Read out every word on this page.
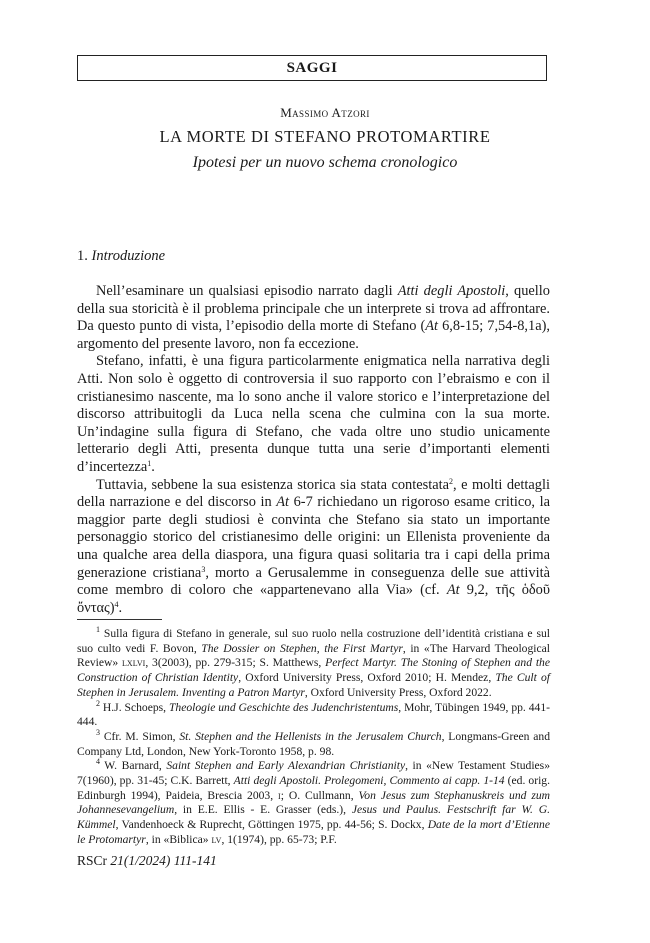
SAGGI
Massimo Atzori
LA MORTE DI STEFANO PROTOMARTIRE
Ipotesi per un nuovo schema cronologico
1. Introduzione

Nell’esaminare un qualsiasi episodio narrato dagli Atti degli Apostoli, quello della sua storicità è il problema principale che un interprete si trova ad affrontare. Da questo punto di vista, l’episodio della morte di Stefano (At 6,8-15; 7,54-8,1a), argomento del presente lavoro, non fa eccezione.

Stefano, infatti, è una figura particolarmente enigmatica nella narrativa degli Atti. Non solo è oggetto di controversia il suo rapporto con l’ebraismo e con il cristianesimo nascente, ma lo sono anche il valore storico e l’interpretazione del discorso attribuitogli da Luca nella scena che culmina con la sua morte. Un’indagine sulla figura di Stefano, che vada oltre uno studio unicamente letterario degli Atti, presenta dunque tutta una serie d’importanti elementi d’incertezza$^1$.

Tuttavia, sebbene la sua esistenza storica sia stata contestata$^2$, e molti dettagli della narrazione e del discorso in At 6-7 richiedano un rigoroso esame critico, la maggior parte degli studiosi è convinta che Stefano sia stato un importante personaggio storico del cristianesimo delle origini: un Ellenista proveniente da una qualche area della diaspora, una figura quasi solitaria tra i capi della prima generazione cristiana$^3$, morto a Gerusalemme in conseguenza delle sue attività come membro di coloro che «appartenevano alla Via» (cf. At 9,2, τῆς ὁδοῦ ὄντας)$^4$.

$^1$ Sulla figura di Stefano in generale, sul suo ruolo nella costruzione dell’identità cristiana e sul suo culto vedi F. Bovon, The Dossier on Stephen, the First Martyr, in «The Harvard Theological Review» lxlvi, 3(2003), pp. 279-315; S. Matthews, Perfect Martyr. The Stoning of Stephen and the Construction of Christian Identity, Oxford University Press, Oxford 2010; H. Mendez, The Cult of Stephen in Jerusalem. Inventing a Patron Martyr, Oxford University Press, Oxford 2022.

$^2$ H.J. Schoeps, Theologie und Geschichte des Judenchristentums, Mohr, Tübingen 1949, pp. 441-444.

$^3$ Cfr. M. Simon, St. Stephen and the Hellenists in the Jerusalem Church, Longmans-Green and Company Ltd, London, New York-Toronto 1958, p. 98.

$^4$ W. Barnard, Saint Stephen and Early Alexandrian Christianity, in «New Testament Studies» 7(1960), pp. 31-45; C.K. Barrett, Atti degli Apostoli. Prolegomeni, Commento ai capp. 1-14 (ed. orig. Edinburgh 1994), Paideia, Brescia 2003, i; O. Cullmann, Von Jesus zum Stephanuskreis und zum Johannesevangelium, in E.E. Ellis - E. Grasser (eds.), Jesus und Paulus. Festschrift far W. G. Kümmel, Vandenhoeck & Ruprecht, Göttingen 1975, pp. 44-56; S. Dockx, Date de la mort d’Etienne le Protomartyr, in «Biblica» lv, 1(1974), pp. 65-73; P.F.

RSCr 21(1/2024) 111-141
